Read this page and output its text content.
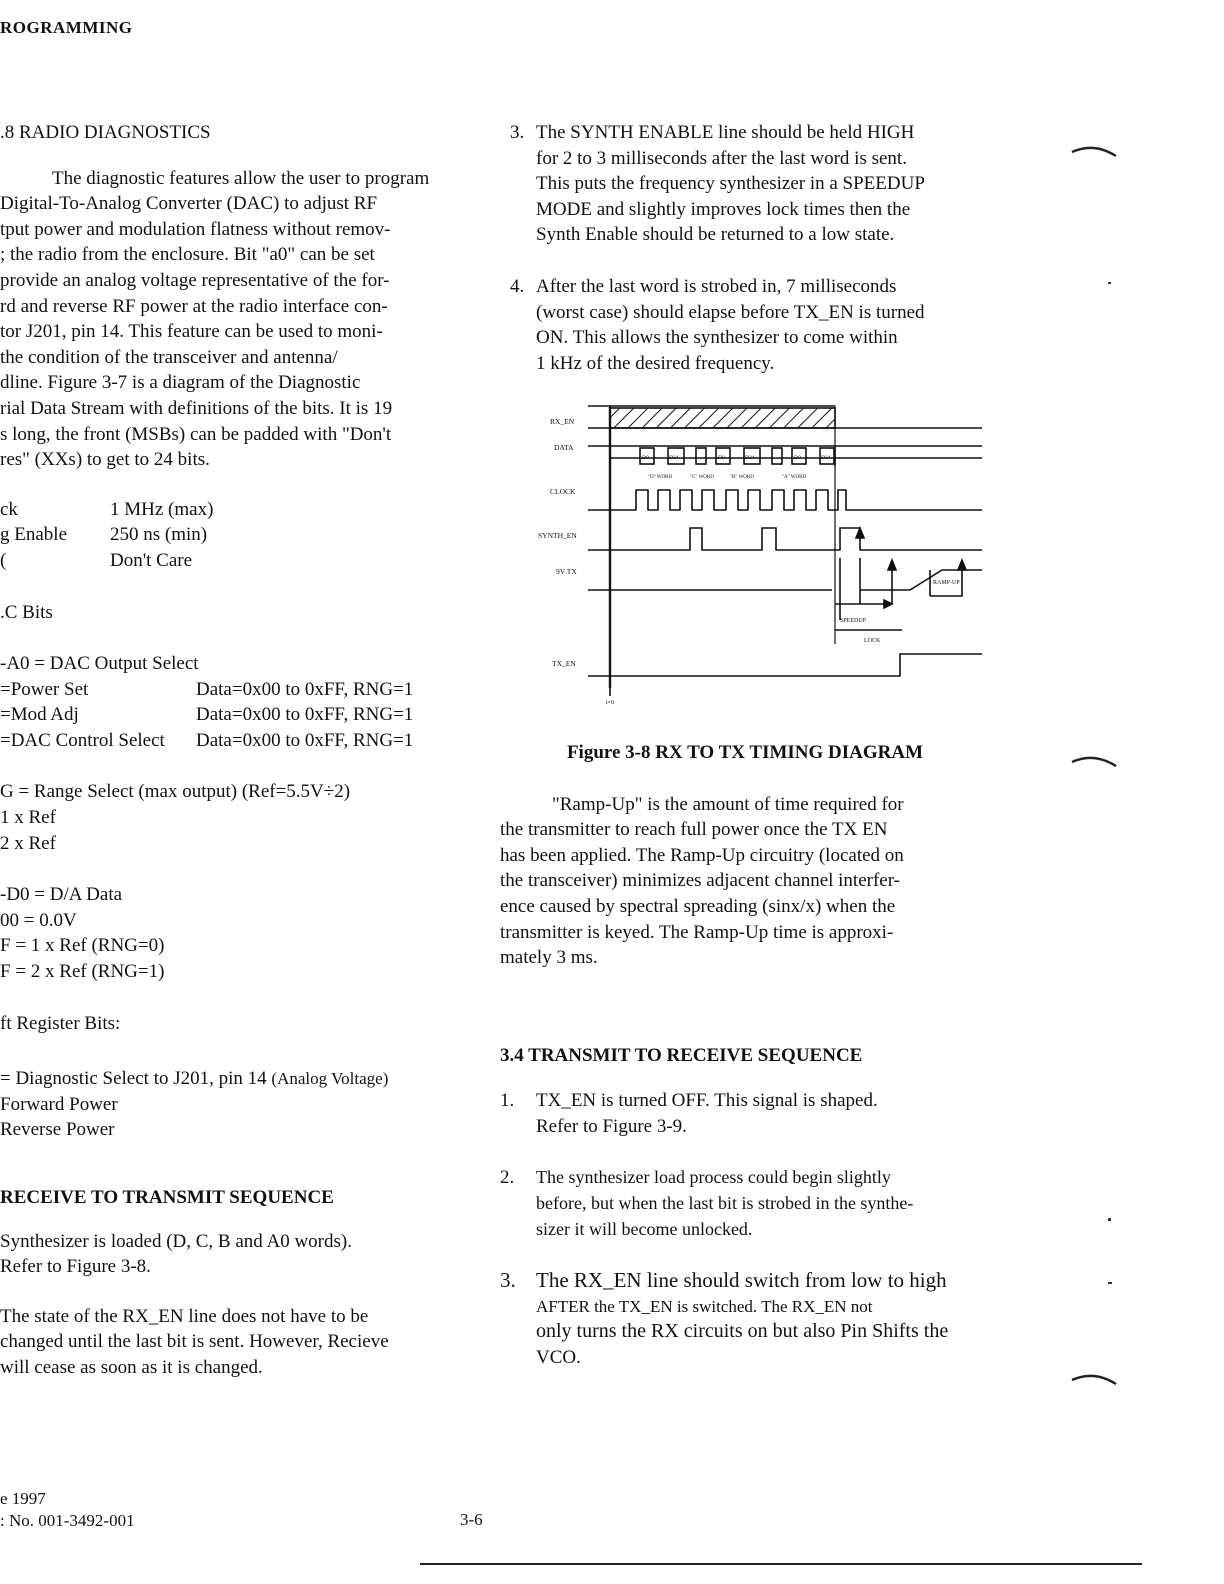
ROGRAMMING

.8 RADIO DIAGNOSTICS

The diagnostic features allow the user to program

Digital-To-Analog Converter (DAC) to adjust RF

tput power and modulation flatness without remov-

; the radio from the enclosure. Bit "a0" can be set

provide an analog voltage representative of the for-

rd and reverse RF power at the radio interface con-

tor J201, pin 14. This feature can be used to moni-

the condition of the transceiver and antenna/

dline. Figure 3-7 is a diagram of the Diagnostic

rial Data Stream with definitions of the bits. It is 19

s long, the front (MSBs) can be padded with "Don't

res" (XXs) to get to 24 bits.

ck	1 MHz (max)
g Enable	250 ns (min)
(	Don't Care

.C Bits

-A0 = DAC Output Select

=Power Set	Data=0x00 to 0xFF, RNG=1
=Mod Adj	Data=0x00 to 0xFF, RNG=1
=DAC Control Select	Data=0x00 to 0xFF, RNG=1

G = Range Select (max output) (Ref=5.5V÷2)

1 x Ref

2 x Ref

-D0 = D/A Data

00 = 0.0V

F = 1 x Ref (RNG=0)

F = 2 x Ref (RNG=1)

ft Register Bits:

= Diagnostic Select to J201, pin 14 (Analog Voltage)

Forward Power

Reverse Power

RECEIVE TO TRANSMIT SEQUENCE

Synthesizer is loaded (D, C, B and A0 words).

Refer to Figure 3-8.

The state of the RX_EN line does not have to be

changed until the last bit is sent. However, Recieve

will cease as soon as it is changed.

3. The SYNTH ENABLE line should be held HIGH

for 2 to 3 milliseconds after the last word is sent.

This puts the frequency synthesizer in a SPEEDUP

MODE and slightly improves lock times then the

Synth Enable should be returned to a low state.

4. After the last word is strobed in, 7 milliseconds

(worst case) should elapse before TX_EN is turned

ON. This allows the synthesizer to come within

1 kHz of the desired frequency.

RX_EN
DATA
CLOCK
SYNTH_EN
9V TX
TX_EN
D0	D24	D0	D24	D0	D24
"D" WORD	"C" WORD	"B" WORD	"A" WORD
SPEEDUP
LOCK
RAMP-UP
t=0

Figure 3-8 RX TO TX TIMING DIAGRAM

"Ramp-Up" is the amount of time required for

the transmitter to reach full power once the TX EN

has been applied. The Ramp-Up circuitry (located on

the transceiver) minimizes adjacent channel interfer-

ence caused by spectral spreading (sinx/x) when the

transmitter is keyed. The Ramp-Up time is approxi-

mately 3 ms.

3.4 TRANSMIT TO RECEIVE SEQUENCE

1.	TX_EN is turned OFF. This signal is shaped.

Refer to Figure 3-9.

2.	The synthesizer load process could begin slightly

before, but when the last bit is strobed in the synthe-

sizer it will become unlocked.

3. The RX_EN line should switch from low to high

AFTER the TX_EN is switched. The RX_EN not

only turns the RX circuits on but also Pin Shifts the

VCO.

e 1997

: No. 001-3492-001	3-6
